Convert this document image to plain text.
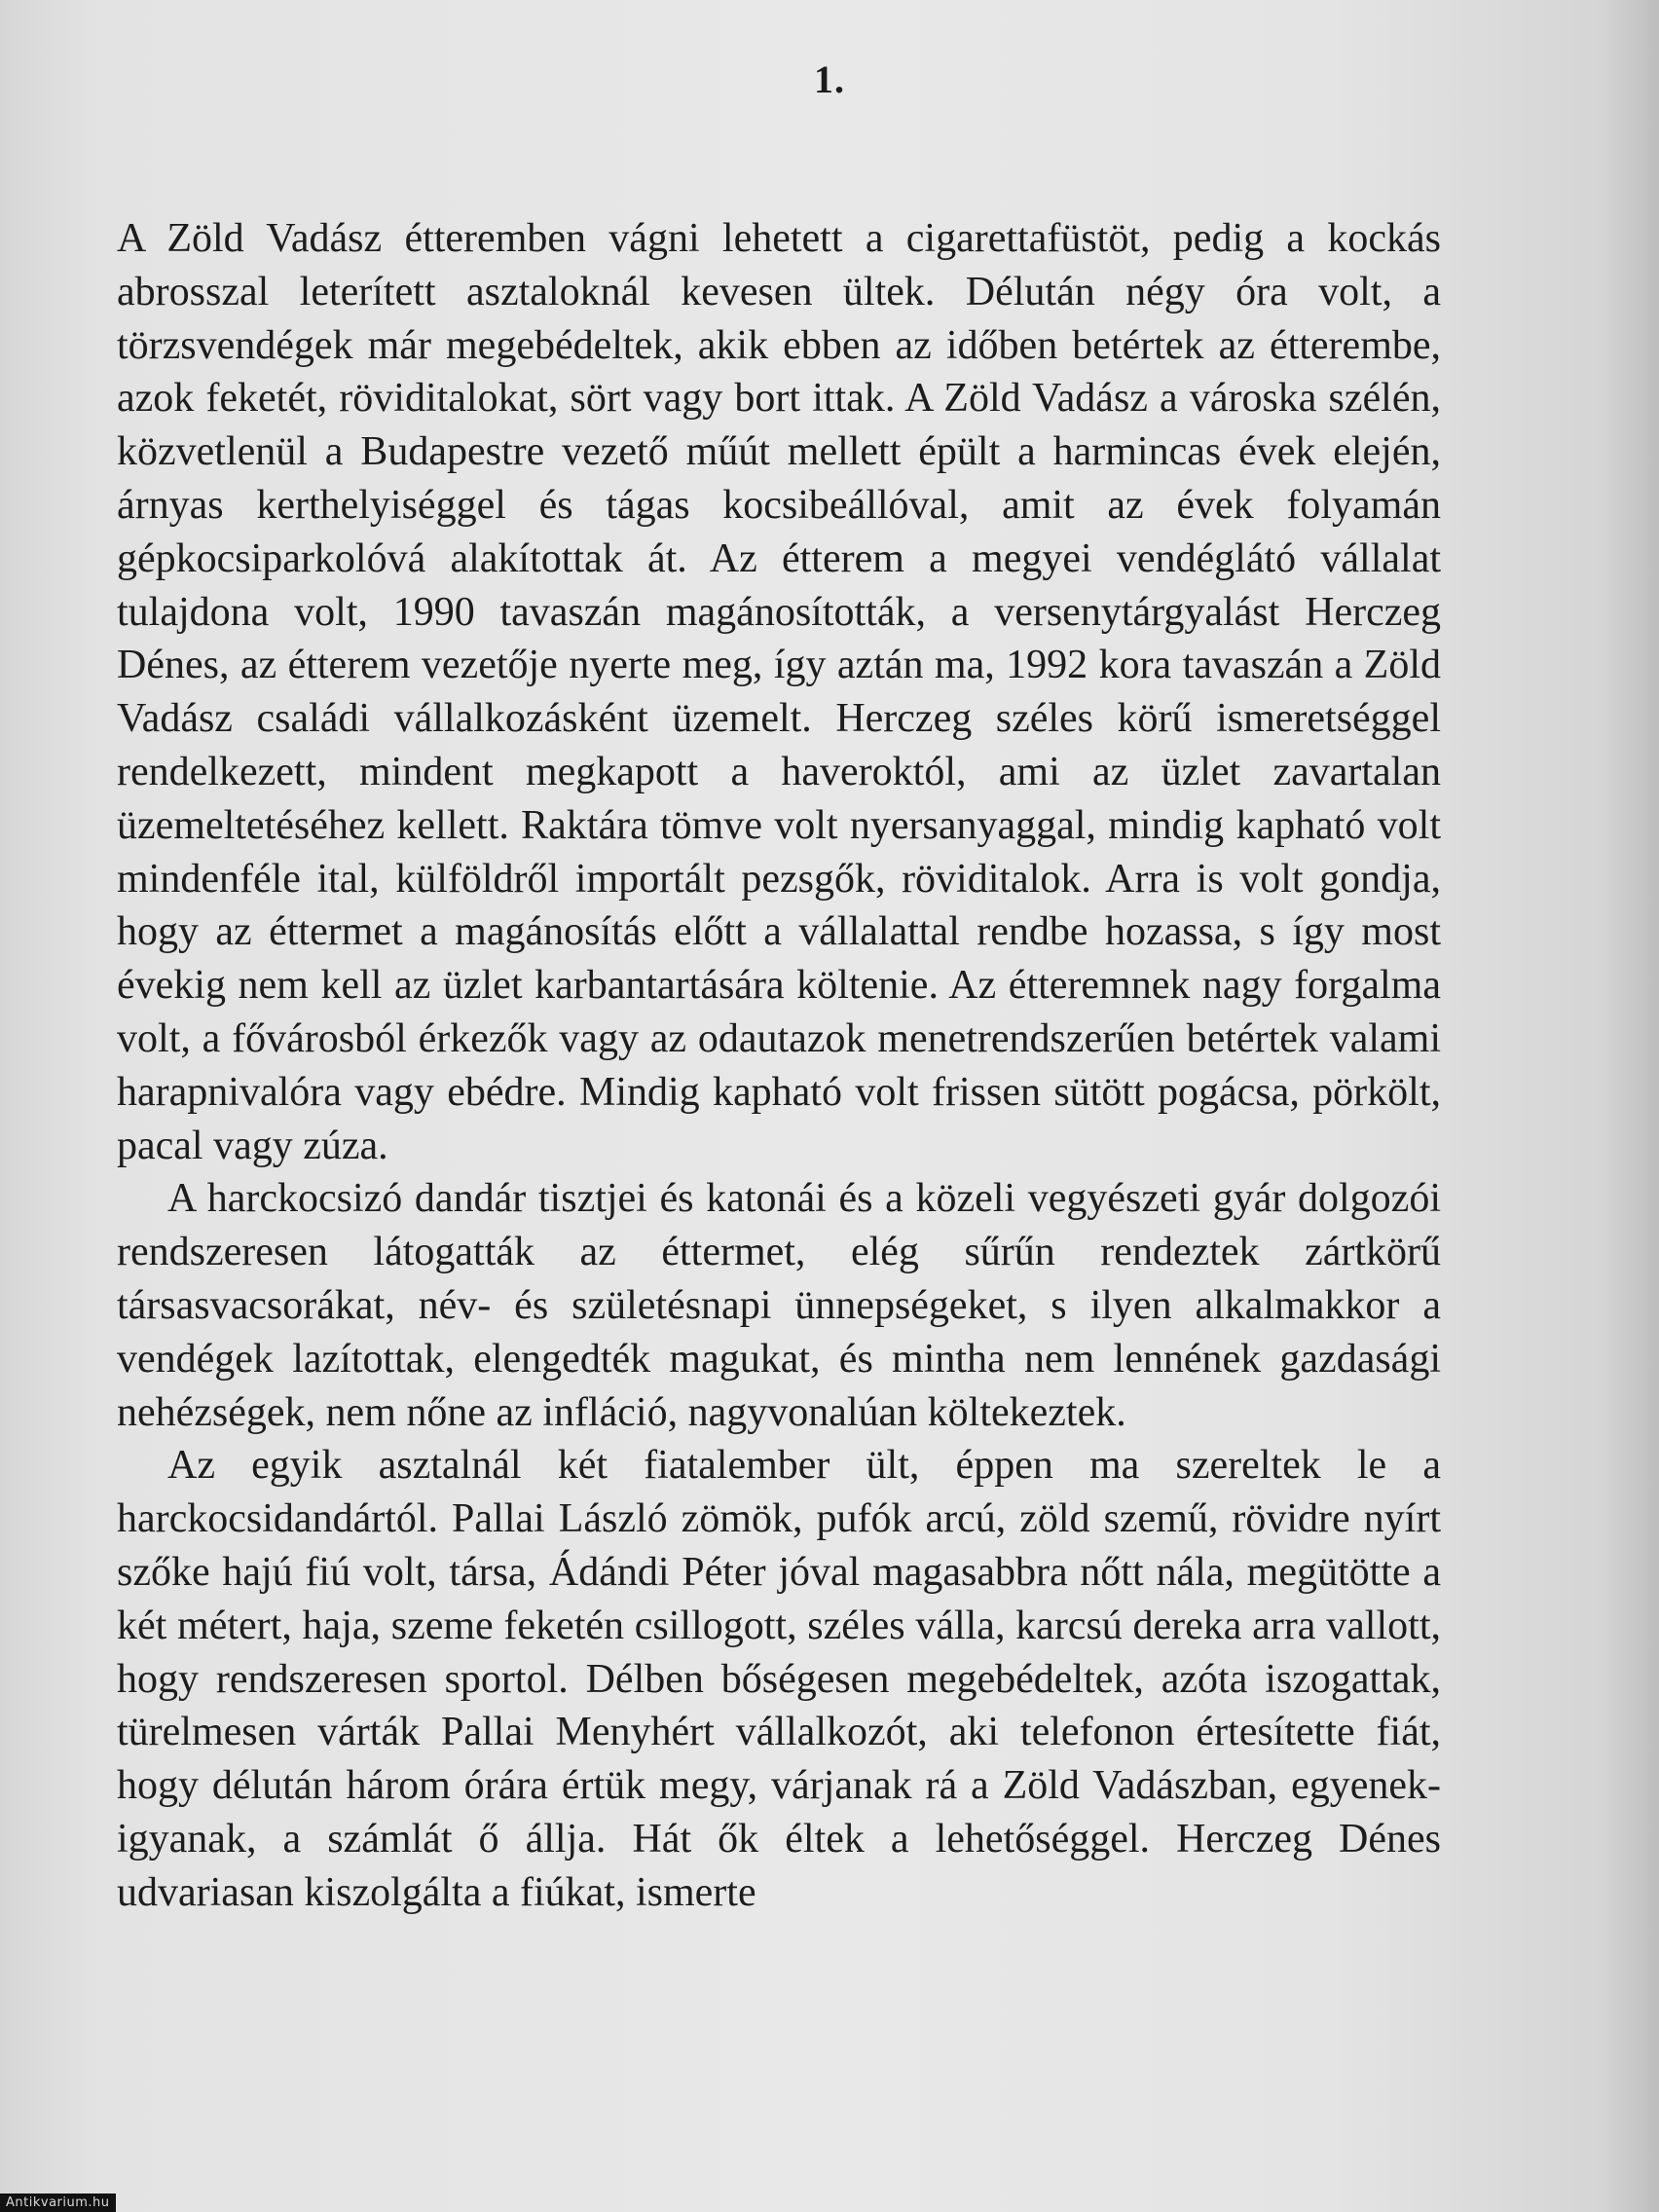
1.

A Zöld Vadász étteremben vágni lehetett a cigarettafüstöt, pedig a kockás abrosszal leterített asztaloknál kevesen ültek. Délután négy óra volt, a törzsvendégek már megebédeltek, akik ebben az időben betértek az étterembe, azok feketét, röviditalokat, sört vagy bort ittak. A Zöld Vadász a városka szélén, közvetlenül a Budapestre vezető műút mellett épült a harmincas évek elején, árnyas kerthelyiséggel és tágas kocsibeállóval, amit az évek folyamán gépkocsiparkolóvá alakítottak át. Az étterem a megyei vendéglátó vállalat tulajdona volt, 1990 tavaszán magánosították, a versenytárgyalást Herczeg Dénes, az étterem vezetője nyerte meg, így aztán ma, 1992 kora tavaszán a Zöld Vadász családi vállalkozásként üzemelt. Herczeg széles körű ismeretséggel rendelkezett, mindent megkapott a haveroktól, ami az üzlet zavartalan üzemeltetéséhez kellett. Raktára tömve volt nyersanyaggal, mindig kapható volt mindenféle ital, külföldről importált pezsgők, röviditalok. Arra is volt gondja, hogy az éttermet a magánosítás előtt a vállalattal rendbe hozassa, s így most évekig nem kell az üzlet karbantartására költenie. Az étteremnek nagy forgalma volt, a fővárosból érkezők vagy az odautazok menetrendszerűen betértek valami harapnivalóra vagy ebédre. Mindig kapható volt frissen sütött pogácsa, pörkölt, pacal vagy zúza.

A harckocsizó dandár tisztjei és katonái és a közeli vegyészeti gyár dolgozói rendszeresen látogatták az éttermet, elég sűrűn rendeztek zártkörű társasvacsorákat, név- és születésnapi ünnepségeket, s ilyen alkalmakkor a vendégek lazítottak, elengedték magukat, és mintha nem lennének gazdasági nehézségek, nem nőne az infláció, nagyvonalúan költekeztek.

Az egyik asztalnál két fiatalember ült, éppen ma szereltek le a harckocsidandártól. Pallai László zömök, pufók arcú, zöld szemű, rövidre nyírt szőke hajú fiú volt, társa, Ádándi Péter jóval magasabbra nőtt nála, megütötte a két métert, haja, szeme feketén csillogott, széles válla, karcsú dereka arra vallott, hogy rendszeresen sportol. Délben bőségesen megebédeltek, azóta iszogattak, türelmesen várták Pallai Menyhért vállalkozót, aki telefonon értesítette fiát, hogy délután három órára értük megy, várjanak rá a Zöld Vadászban, egyenek-igyanak, a számlát ő állja. Hát ők éltek a lehetőséggel. Herczeg Dénes udvariasan kiszolgálta a fiúkat, ismerte

Antikvarium.hu
